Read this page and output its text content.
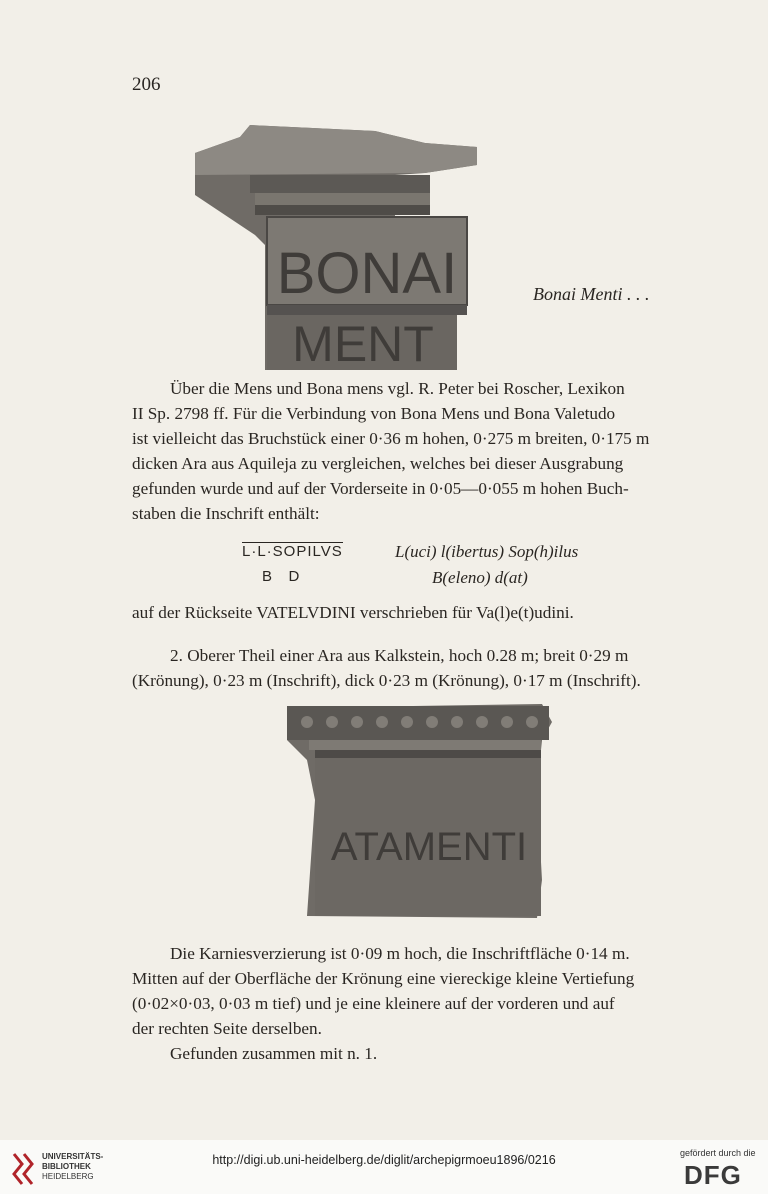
206
BONAI
MENT
Bonai Menti . . .

Über die Mens und Bona mens vgl. R. Peter bei Roscher, Lexikon

II Sp. 2798 ff. Für die Verbindung von Bona Mens und Bona Valetudo

ist vielleicht das Bruchstück einer 0·36 m hohen, 0·275 m breiten, 0·175 m

dicken Ara aus Aquileja zu vergleichen, welches bei dieser Ausgrabung

gefunden wurde und auf der Vorderseite in 0·05—0·055 m hohen Buch-

staben die Inschrift enthält:

L·L·SOPILVS
B   D
L(uci) l(ibertus) Sop(h)ilus
B(eleno) d(at)

auf der Rückseite VATELVDINI verschrieben für Va(l)e(t)udini.

2. Oberer Theil einer Ara aus Kalkstein, hoch 0.28 m; breit 0·29 m

(Krönung), 0·23 m (Inschrift), dick 0·23 m (Krönung), 0·17 m (Inschrift).

ATAMENTI

Die Karniesverzierung ist 0·09 m hoch, die Inschriftfläche 0·14 m.

Mitten auf der Oberfläche der Krönung eine viereckige kleine Vertiefung

(0·02×0·03, 0·03 m tief) und je eine kleinere auf der vorderen und auf

der rechten Seite derselben.

Gefunden zusammen mit n. 1.

UNIVERSITÄTS-
BIBLIOTHEK
HEIDELBERG
http://digi.ub.uni-heidelberg.de/diglit/archepigrmoeu1896/0216	gefördert durch die
DFG
